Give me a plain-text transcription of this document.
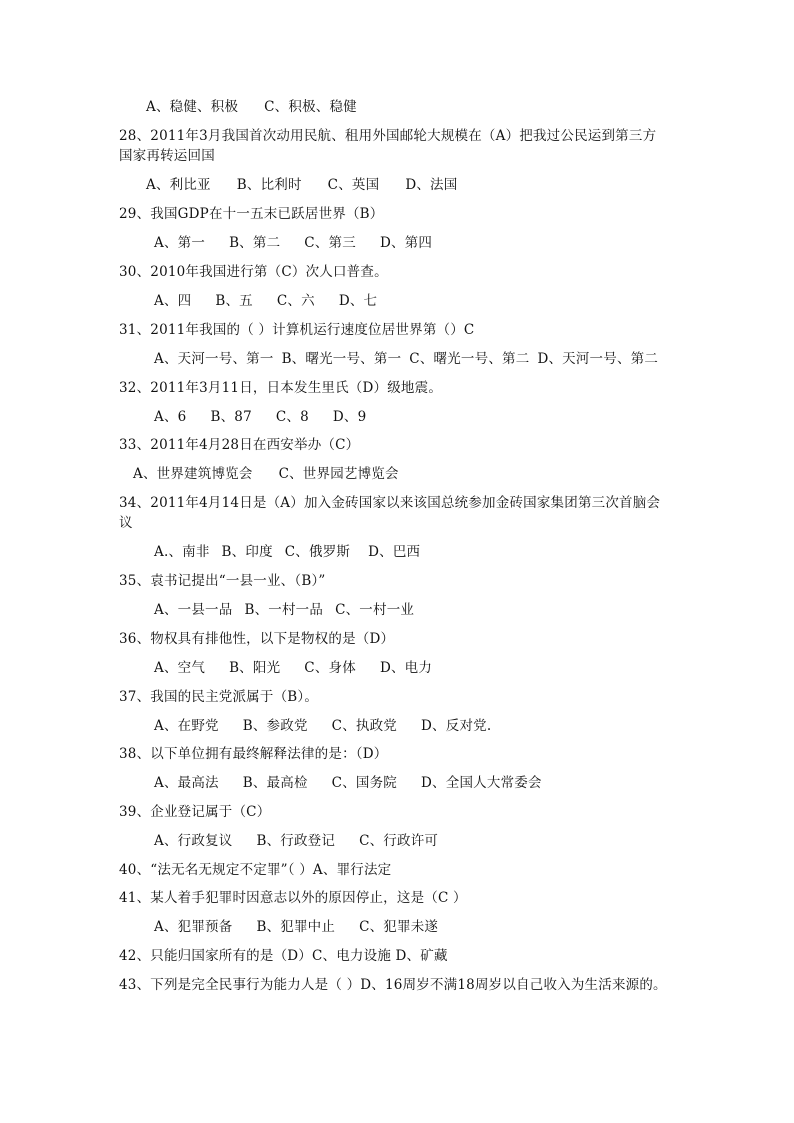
A、稳健、积极 C、积极、稳健
28、2011年3月我国首次动用民航、租用外国邮轮大规模在（A）把我过公民运到第三方
国家再转运回国
A、利比亚 B、比利时 C、英国 D、法国
29、我国GDP在十一五末已跃居世界（B）
A、第一 B、第二 C、第三 D、第四
30、2010年我国进行第（C）次人口普查。
A、四 B、五 C、六 D、七
31、2011年我国的（ ）计算机运行速度位居世界第（）C
A、天河一号、第一 B、曙光一号、第一 C、曙光一号、第二 D、天河一号、第二
32、2011年3月11日，日本发生里氏（D）级地震。
A、6 B、87 C、8 D、9
33、2011年4月28日在西安举办（C）
A、世界建筑博览会 C、世界园艺博览会
34、2011年4月14日是（A）加入金砖国家以来该国总统参加金砖国家集团第三次首脑会
议
A.、南非 B、印度 C、俄罗斯 D、巴西
35、袁书记提出“一县一业、（B）”
A、一县一品 B、一村一品 C、一村一业
36、物权具有排他性，以下是物权的是（D）
A、空气 B、阳光 C、身体 D、电力
37、我国的民主党派属于（B）。
A、在野党 B、参政党 C、执政党 D、反对党.
38、以下单位拥有最终解释法律的是：（D）
A、最高法 B、最高检 C、国务院 D、全国人大常委会
39、企业登记属于（C）
A、行政复议 B、行政登记 C、行政许可
40、“法无名无规定不定罪”（ ）A、罪行法定
41、某人着手犯罪时因意志以外的原因停止，这是（C ）
A、犯罪预备 B、犯罪中止 C、犯罪未遂
42、只能归国家所有的是（D）C、电力设施 D、矿藏
43、下列是完全民事行为能力人是（ ）D、16周岁不满18周岁以自己收入为生活来源的。
